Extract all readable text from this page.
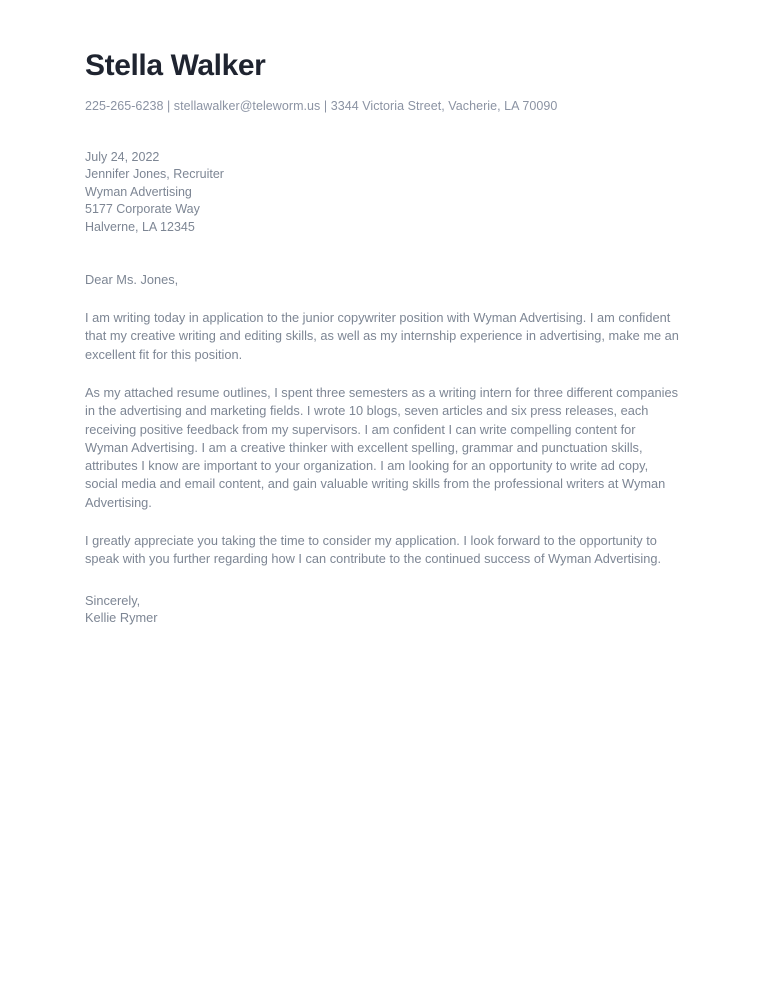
Stella Walker

225-265-6238 | stellawalker@teleworm.us | 3344 Victoria Street, Vacherie, LA 70090

July 24, 2022

Jennifer Jones, Recruiter

Wyman Advertising

5177 Corporate Way

Halverne, LA 12345

Dear Ms. Jones,

I am writing today in application to the junior copywriter position with Wyman Advertising. I am confident that my creative writing and editing skills, as well as my internship experience in advertising, make me an excellent fit for this position.

As my attached resume outlines, I spent three semesters as a writing intern for three different companies in the advertising and marketing fields. I wrote 10 blogs, seven articles and six press releases, each receiving positive feedback from my supervisors. I am confident I can write compelling content for Wyman Advertising. I am a creative thinker with excellent spelling, grammar and punctuation skills, attributes I know are important to your organization. I am looking for an opportunity to write ad copy, social media and email content, and gain valuable writing skills from the professional writers at Wyman Advertising.

I greatly appreciate you taking the time to consider my application. I look forward to the opportunity to speak with you further regarding how I can contribute to the continued success of Wyman Advertising.

Sincerely,

Kellie Rymer
